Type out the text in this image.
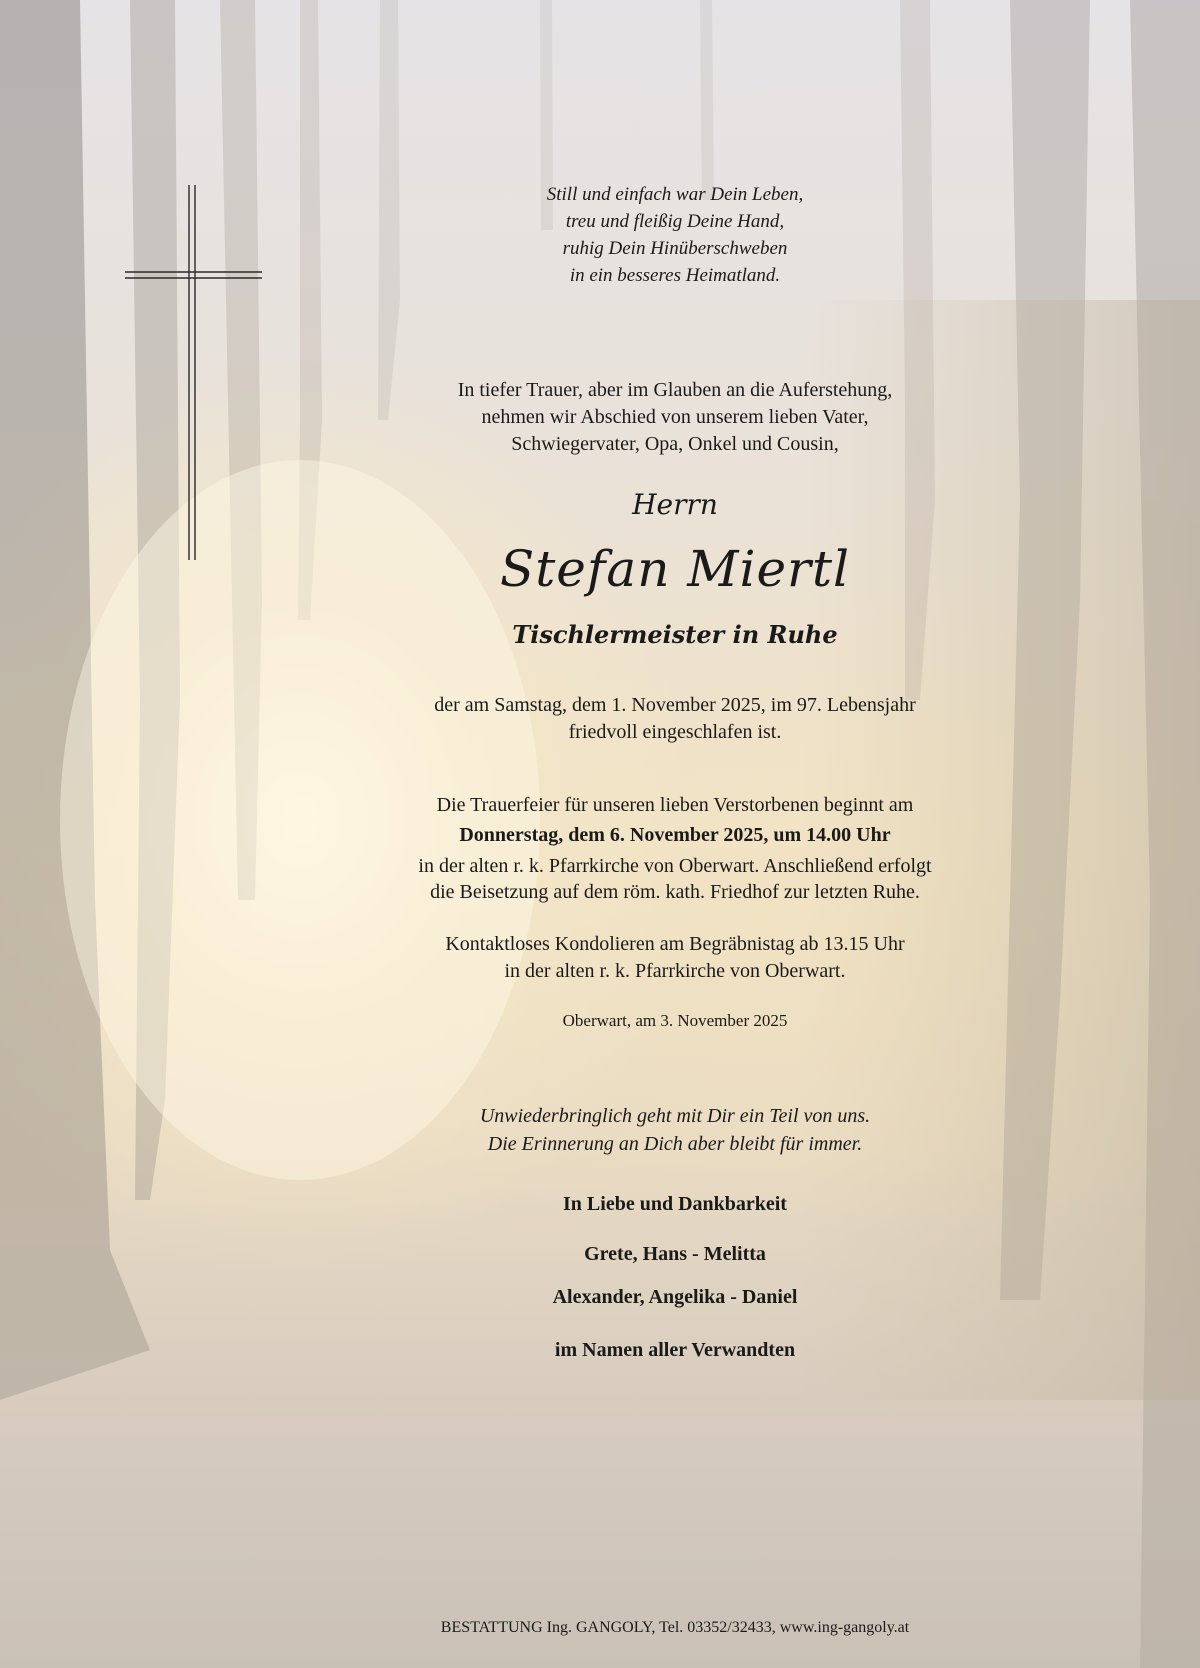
Still und einfach war Dein Leben,
treu und fleißig Deine Hand,
ruhig Dein Hinüberschweben
in ein besseres Heimatland.
In tiefer Trauer, aber im Glauben an die Auferstehung,
nehmen wir Abschied von unserem lieben Vater,
Schwiegervater, Opa, Onkel und Cousin,
Herrn
Stefan Miertl
Tischlermeister in Ruhe
der am Samstag, dem 1. November 2025, im 97. Lebensjahr
friedvoll eingeschlafen ist.
Die Trauerfeier für unseren lieben Verstorbenen beginnt am
Donnerstag, dem 6. November 2025, um 14.00 Uhr
in der alten r. k. Pfarrkirche von Oberwart. Anschließend erfolgt
die Beisetzung auf dem röm. kath. Friedhof zur letzten Ruhe.
Kontaktloses Kondolieren am Begräbnistag ab 13.15 Uhr
in der alten r. k. Pfarrkirche von Oberwart.
Oberwart, am 3. November 2025
Unwiederbringlich geht mit Dir ein Teil von uns.
Die Erinnerung an Dich aber bleibt für immer.
In Liebe und Dankbarkeit
Grete, Hans - Melitta
Alexander, Angelika - Daniel
im Namen aller Verwandten
BESTATTUNG Ing. GANGOLY, Tel. 03352/32433, www.ing-gangoly.at
